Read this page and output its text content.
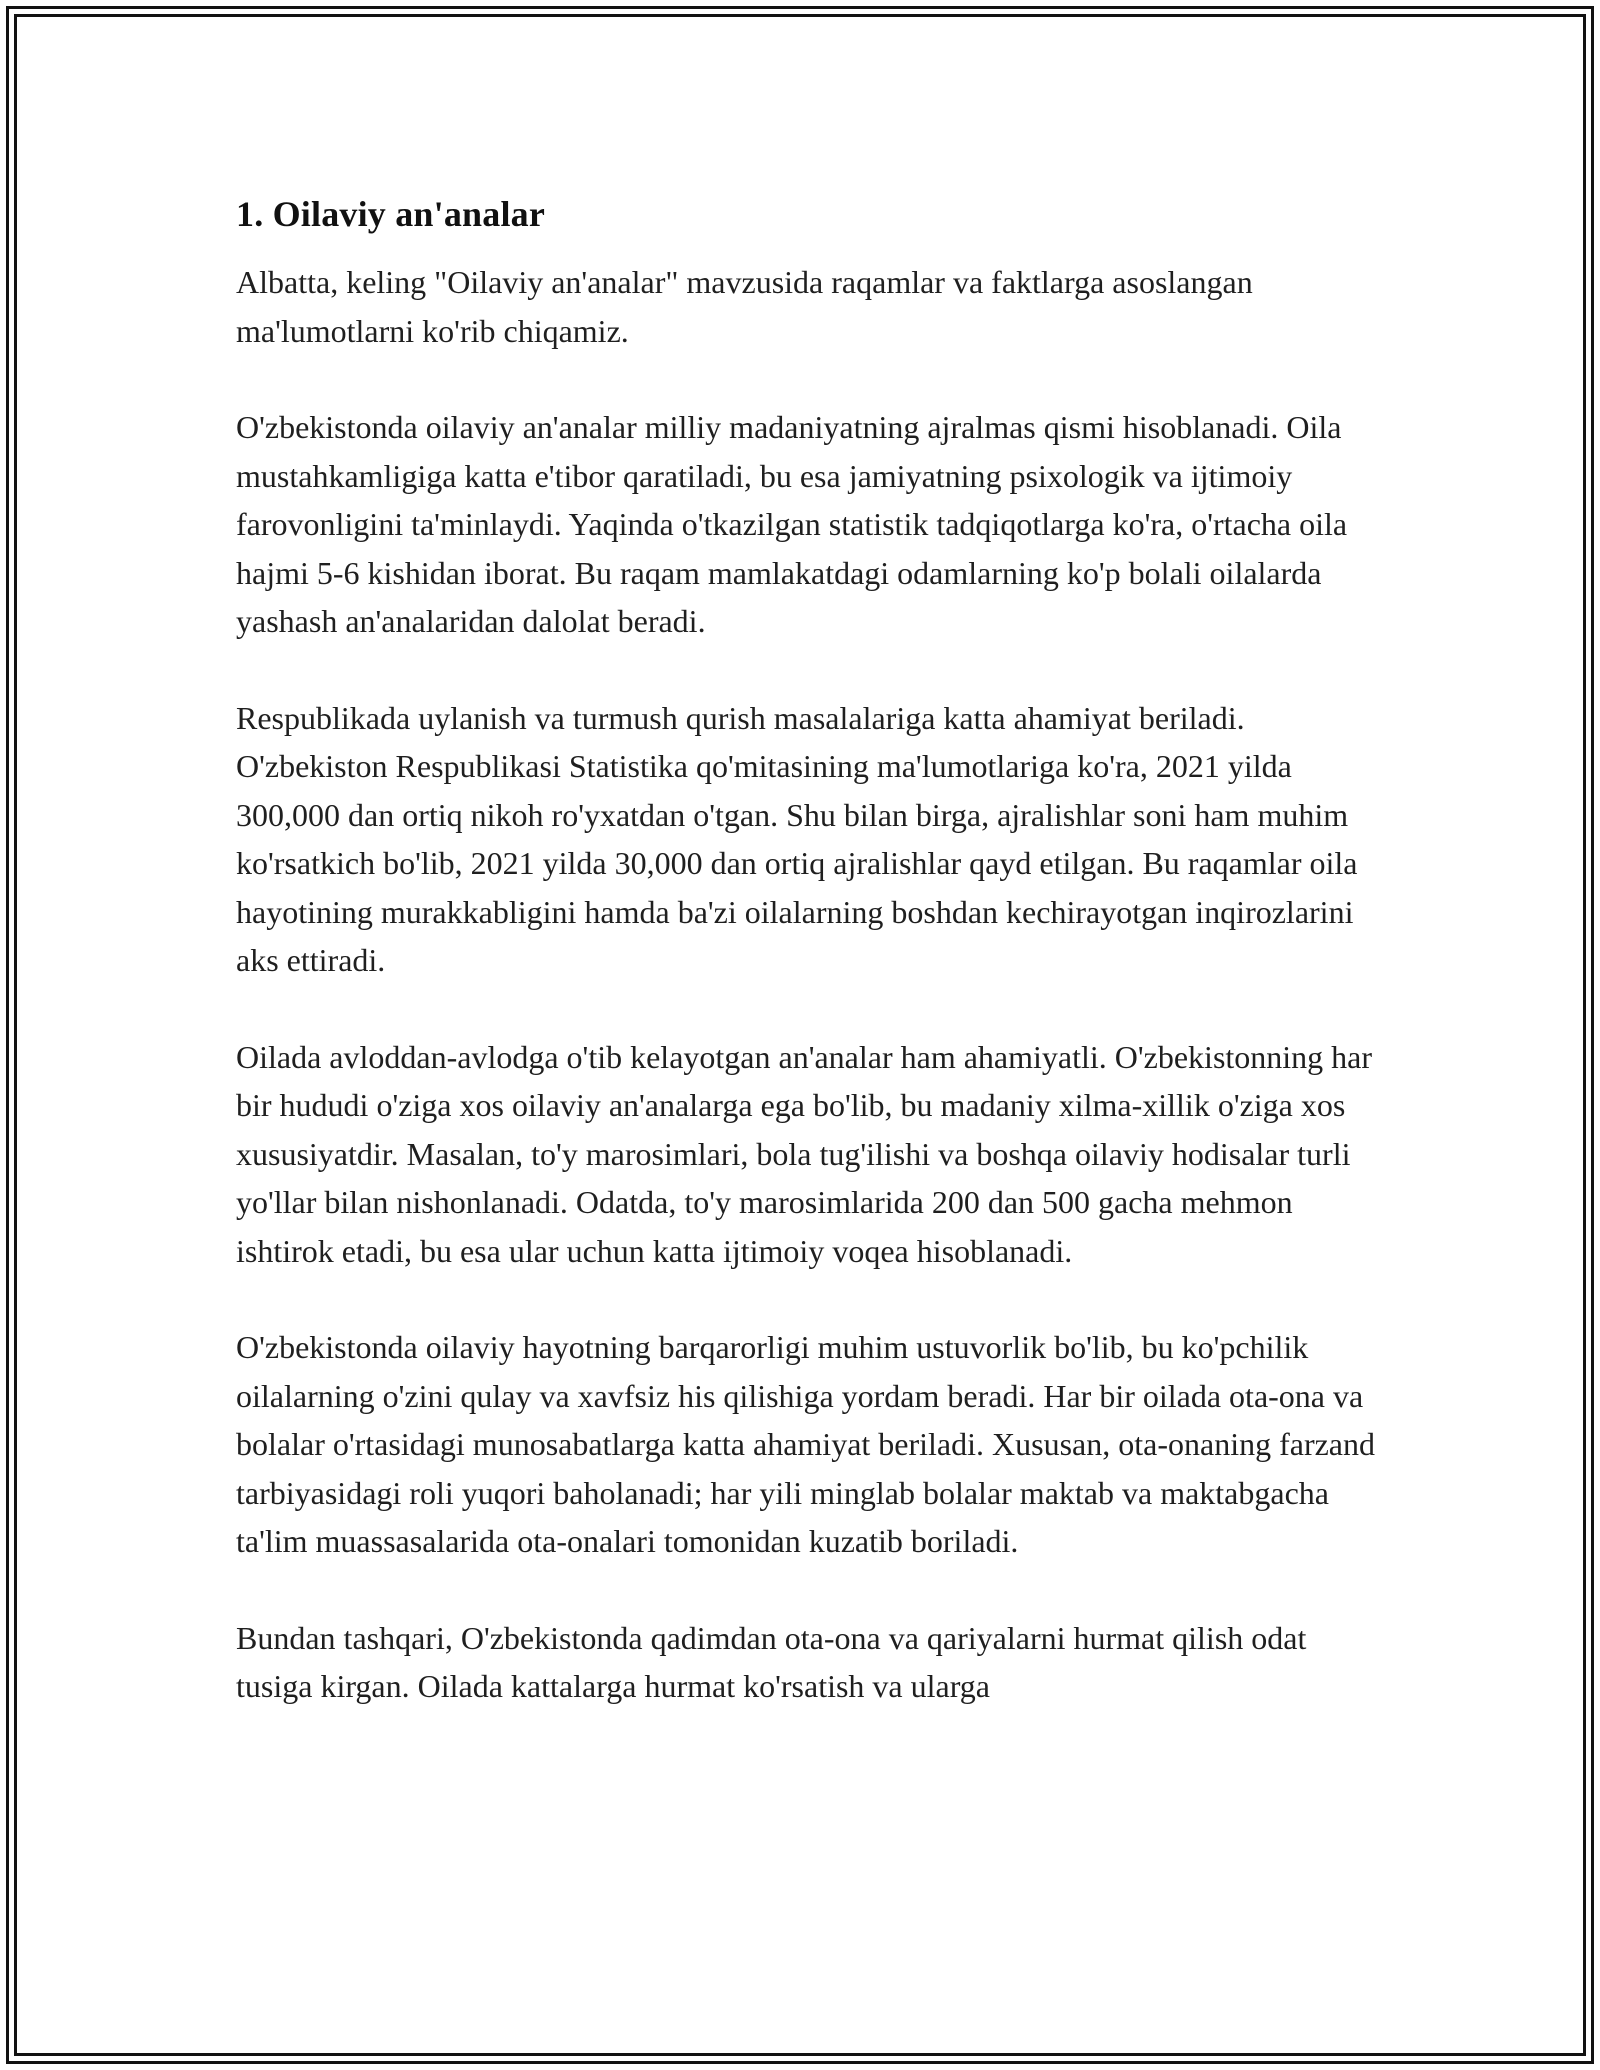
1. Oilaviy an'analar

Albatta, keling "Oilaviy an'analar" mavzusida raqamlar va faktlarga asoslangan ma'lumotlarni ko'rib chiqamiz.

O'zbekistonda oilaviy an'analar milliy madaniyatning ajralmas qismi hisoblanadi. Oila mustahkamligiga katta e'tibor qaratiladi, bu esa jamiyatning psixologik va ijtimoiy farovonligini ta'minlaydi. Yaqinda o'tkazilgan statistik tadqiqotlarga ko'ra, o'rtacha oila hajmi 5-6 kishidan iborat. Bu raqam mamlakatdagi odamlarning ko'p bolali oilalarda yashash an'analaridan dalolat beradi.

Respublikada uylanish va turmush qurish masalalariga katta ahamiyat beriladi. O'zbekiston Respublikasi Statistika qo'mitasining ma'lumotlariga ko'ra, 2021 yilda 300,000 dan ortiq nikoh ro'yxatdan o'tgan. Shu bilan birga, ajralishlar soni ham muhim ko'rsatkich bo'lib, 2021 yilda 30,000 dan ortiq ajralishlar qayd etilgan. Bu raqamlar oila hayotining murakkabligini hamda ba'zi oilalarning boshdan kechirayotgan inqirozlarini aks ettiradi.

Oilada avloddan-avlodga o'tib kelayotgan an'analar ham ahamiyatli. O'zbekistonning har bir hududi o'ziga xos oilaviy an'analarga ega bo'lib, bu madaniy xilma-xillik o'ziga xos xususiyatdir. Masalan, to'y marosimlari, bola tug'ilishi va boshqa oilaviy hodisalar turli yo'llar bilan nishonlanadi. Odatda, to'y marosimlarida 200 dan 500 gacha mehmon ishtirok etadi, bu esa ular uchun katta ijtimoiy voqea hisoblanadi.

O'zbekistonda oilaviy hayotning barqarorligi muhim ustuvorlik bo'lib, bu ko'pchilik oilalarning o'zini qulay va xavfsiz his qilishiga yordam beradi. Har bir oilada ota-ona va bolalar o'rtasidagi munosabatlarga katta ahamiyat beriladi. Xususan, ota-onaning farzand tarbiyasidagi roli yuqori baholanadi; har yili minglab bolalar maktab va maktabgacha ta'lim muassasalarida ota-onalari tomonidan kuzatib boriladi.

Bundan tashqari, O'zbekistonda qadimdan ota-ona va qariyalarni hurmat qilish odat tusiga kirgan. Oilada kattalarga hurmat ko'rsatish va ularga
